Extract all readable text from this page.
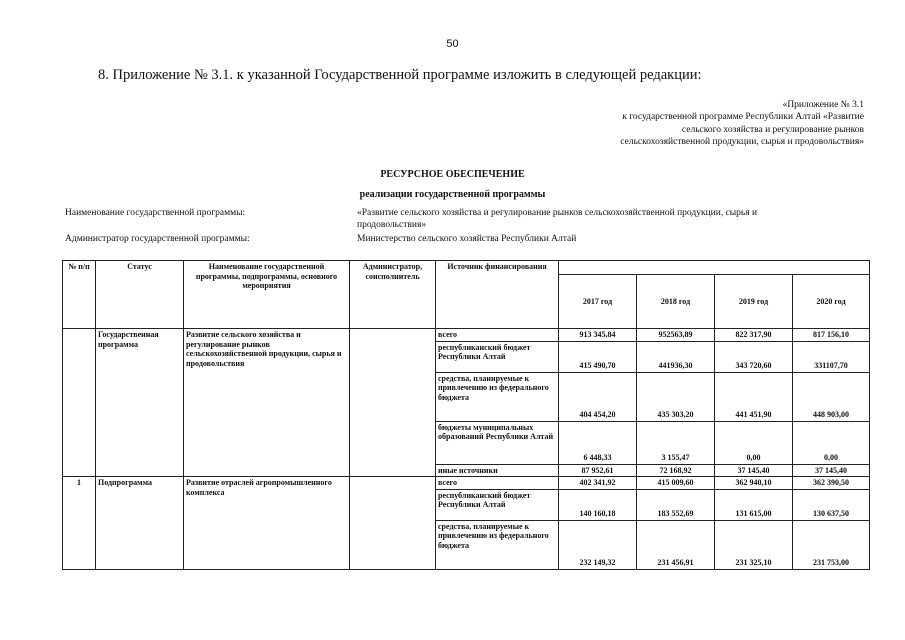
50
8. Приложение № 3.1. к указанной Государственной программе изложить в следующей редакции:
«Приложение № 3.1
к государственной программе Республики Алтай «Развитие
сельского хозяйства и регулирование рынков
сельскохозяйственной продукции, сырья и продовольствия»
РЕСУРСНОЕ ОБЕСПЕЧЕНИЕ
реализации государственной программы
Наименование государственной программы:	«Развитие сельского хозяйства и регулирование рынков сельскохозяйственной продукции, сырья и продовольствия»
Администратор государственной программы:	Министерство сельского хозяйства Республики Алтай
№ п/п	Статус	Наименование государственной программы, подпрограммы, основного мероприятия	Администратор, соисполнитель	Источник финансирования				
					2017 год	2018 год	2019 год	2020 год
	Государственная программа	Развитие сельского хозяйства и регулирование рынков сельскохозяйственной продукции, сырья и продовольствия		всего	913 345,84	952563,89	822 317,90	817 156,10
				республиканский бюджет Республики Алтай	415 490,70	441936,30	343 720,60	331107,70
				средства, планируемые к привлечению из федерального бюджета	404 454,20	435 303,20	441 451,90	448 903,00
				бюджеты муниципальных образований Республики Алтай	6 448,33	3 155,47	0,00	0,00
				иные источники	87 952,61	72 168,92	37 145,40	37 145,40
1	Подпрограмма	Развитие отраслей агропромышленного комплекса		всего	402 341,92	415 009,60	362 940,10	362 390,50
				республиканский бюджет Республики Алтай	140 160,18	183 552,69	131 615,00	130 637,50
				средства, планируемые к привлечению из федерального бюджета	232 149,32	231 456,91	231 325,10	231 753,00
